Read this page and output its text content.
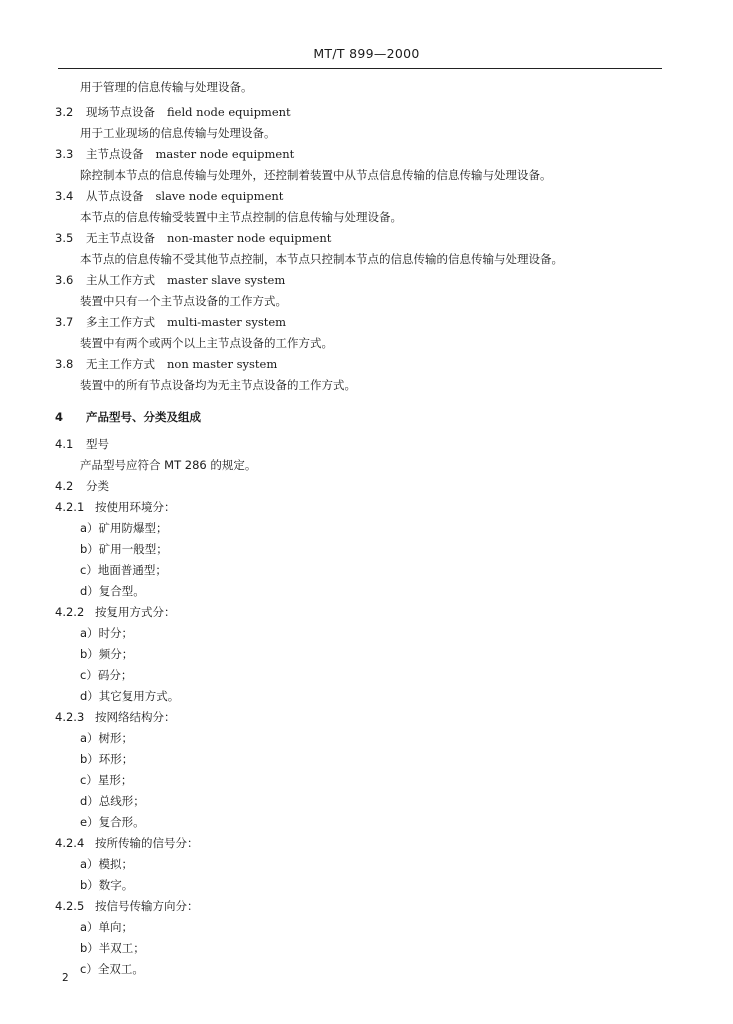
MT/T 899—2000
用于管理的信息传输与处理设备。
3.2 现场节点设备 field node equipment
用于工业现场的信息传输与处理设备。
3.3 主节点设备 master node equipment
除控制本节点的信息传输与处理外，还控制着装置中从节点信息传输的信息传输与处理设备。
3.4 从节点设备 slave node equipment
本节点的信息传输受装置中主节点控制的信息传输与处理设备。
3.5 无主节点设备 non-master node equipment
本节点的信息传输不受其他节点控制，本节点只控制本节点的信息传输的信息传输与处理设备。
3.6 主从工作方式 master slave system
装置中只有一个主节点设备的工作方式。
3.7 多主工作方式 multi-master system
装置中有两个或两个以上主节点设备的工作方式。
3.8 无主工作方式 non master system
装置中的所有节点设备均为无主节点设备的工作方式。
4 产品型号、分类及组成
4.1 型号
产品型号应符合 MT 286 的规定。
4.2 分类
4.2.1 按使用环境分：
a）矿用防爆型；
b）矿用一般型；
c）地面普通型；
d）复合型。
4.2.2 按复用方式分：
a）时分；
b）频分；
c）码分；
d）其它复用方式。
4.2.3 按网络结构分：
a）树形；
b）环形；
c）星形；
d）总线形；
e）复合形。
4.2.4 按所传输的信号分：
a）模拟；
b）数字。
4.2.5 按信号传输方向分：
a）单向；
b）半双工；
c）全双工。
2
